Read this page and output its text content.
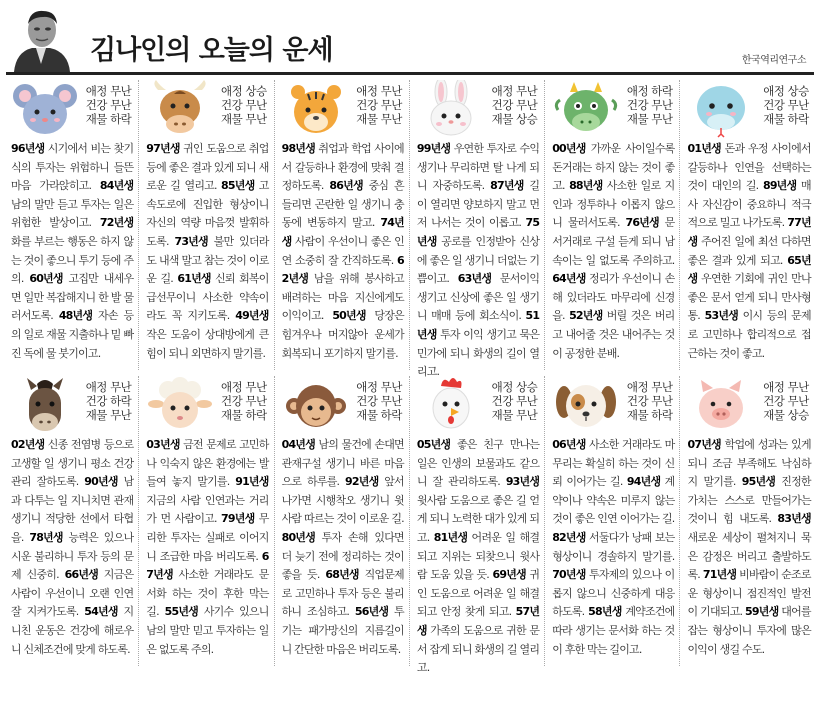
김나인의 오늘의 운세	한국역리연구소
애정 무난
건강 무난
재물 하락
96년생 시기에서 비는 찾기 식의 투자는 위험하니 들뜬 마음 가라앉히고. 84년생 남의 말만 듣고 투자는 일은 위험한 발상이고. 72년생 화를 부르는 행동은 하지 않는 것이 좋으니 투기 등에 주의. 60년생 고집만 내세우면 일만 복잡해지니 한 발 물러서도록. 48년생 자손 등의 일로 재물 지출하나 밑 빠진 독에 물 붓기이고.
애정 상승
건강 무난
재물 무난
97년생 귀인 도움으로 취업 등에 좋은 결과 있게 되니 새로운 길 열리고. 85년생 고속도로에 진입한 형상이니 자신의 역량 마음껏 발휘하도록. 73년생 불만 있더라도 내색 말고 참는 것이 이로운 길. 61년생 신뢰 회복이 급선무이니 사소한 약속이라도 꼭 지키도록. 49년생 작은 도움이 상대방에게 큰 힘이 되니 외면하지 말기를.
애정 무난
건강 무난
재물 무난
98년생 취업과 학업 사이에서 갈등하나 환경에 맞춰 결정하도록. 86년생 중심 흔들리면 곤란한 일 생기니 충동에 변동하지 말고. 74년생 사람이 우선이니 좋은 인연 소중히 잘 간직하도록. 62년생 남을 위해 봉사하고 배려하는 마음 지신에게도 이익이고. 50년생 당장은 힘겨우나 머지않아 운세가 회복되니 포기하지 말기를.
애정 무난
건강 무난
재물 상승
99년생 우연한 투자로 수익 생기나 무리하면 탈 나게 되니 자중하도록. 87년생 길이 열리면 양보하지 말고 먼저 나서는 것이 이롭고. 75년생 공로를 인정받아 신상에 좋은 일 생기니 더없는 기쁨이고. 63년생 문서이익 생기고 신상에 좋은 일 생기니 매매 등에 회소식이. 51년생 투자 이익 생기고 묵은 민가에 되니 화생의 길이 열리고.
애정 하락
건강 무난
재물 무난
00년생 가까운 사이일수록 돈거래는 하지 않는 것이 좋고. 88년생 사소한 일로 지인과 정투하나 이롭지 않으니 물러서도록. 76년생 문서거래로 구설 듣게 되니 남 속이는 일 없도록 주의하고. 64년생 정리가 우선이니 손해 있더라도 마무리에 신경을. 52년생 버릴 것은 버리고 내어줄 것은 내어주는 것이 공정한 분배.
애정 상승
건강 무난
재물 하락
01년생 돈과 우정 사이에서 갈등하나 인연을 선택하는 것이 대인의 길. 89년생 매사 자신감이 중요하니 적극적으로 밀고 나가도록. 77년생 주어진 일에 최선 다하면 좋은 결과 있게 되고. 65년생 우연한 기회에 귀인 만나 좋은 문서 얻게 되니 만사형통. 53년생 이시 등의 문제로 고민하나 합리적으로 접근하는 것이 좋고.
애정 무난
건강 하락
재물 무난
02년생 신종 전염병 등으로 고생할 일 생기니 평소 건강관리 잘하도록. 90년생 남과 다투는 일 지니치면 관재 생기니 적당한 선에서 타협을. 78년생 능력은 있으나 시운 불리하니 투자 등의 문제 신중히. 66년생 지금은 사람이 우선이니 오랜 인연 잘 지켜가도록. 54년생 지니친 운동은 건강에 해로우니 신체조건에 맞게 하도록.
애정 무난
건강 무난
재물 하락
03년생 금전 문제로 고민하나 익숙지 않은 환경에는 발 들여 놓지 말기를. 91년생 지금의 사람 인연과는 거리가 먼 사람이고. 79년생 무리한 투자는 실패로 이어지니 조급한 마음 버리도록. 67년생 사소한 거래라도 문서화 하는 것이 후한 막는 길. 55년생 사기수 있으니 남의 말만 믿고 투자하는 일은 없도록 주의.
애정 무난
건강 무난
재물 하락
04년생 남의 물건에 손대면 관재구설 생기니 바른 마음으로 하루를. 92년생 앞서나가면 시행착오 생기니 윗사람 따르는 것이 이로운 길. 80년생 투자 손해 있다면 더 늦기 전에 정리하는 것이 좋을 듯. 68년생 직업문제로 고민하나 투자 등은 불리하니 조심하고. 56년생 투기는 패가망신의 지름길이니 간단한 마음은 버리도록.
애정 상승
건강 무난
재물 무난
05년생 좋은 친구 만나는 일은 인생의 보물과도 같으니 잘 관리하도록. 93년생 윗사람 도움으로 좋은 길 얻게 되니 노력한 대가 있게 되고. 81년생 어려운 일 해결되고 지위는 되찾으니 윗사람 도움 있을 듯. 69년생 귀인 도움으로 어려운 일 해결되고 안정 찾게 되고. 57년생 가족의 도움으로 귀한 문서 잡게 되니 화생의 길 열리고.
애정 무난
건강 무난
재물 하락
06년생 사소한 거래라도 마무리는 확실히 하는 것이 신뢰 이어가는 길. 94년생 계약이나 약속은 미루지 않는 것이 좋은 인연 이어가는 길. 82년생 서둘다가 낭패 보는 형상이니 경솔하지 말기를. 70년생 투자제의 있으나 이롭지 않으니 신중하게 대응하도록. 58년생 계약조건에 따라 생기는 문서화 하는 것이 후한 막는 길이고.
애정 무난
건강 무난
재물 상승
07년생 학업에 성과는 있게 되니 조금 부족해도 낙심하지 말기를. 95년생 진정한 가치는 스스로 만들어가는 것이니 힘 내도록. 83년생 새로운 세상이 펼쳐지니 묵은 감정은 버리고 출발하도록. 71년생 비바람이 순조로운 형상이니 점진적인 발전이 기대되고. 59년생 대어를 잡는 형상이니 투자에 많은 이익이 생길 수도.
